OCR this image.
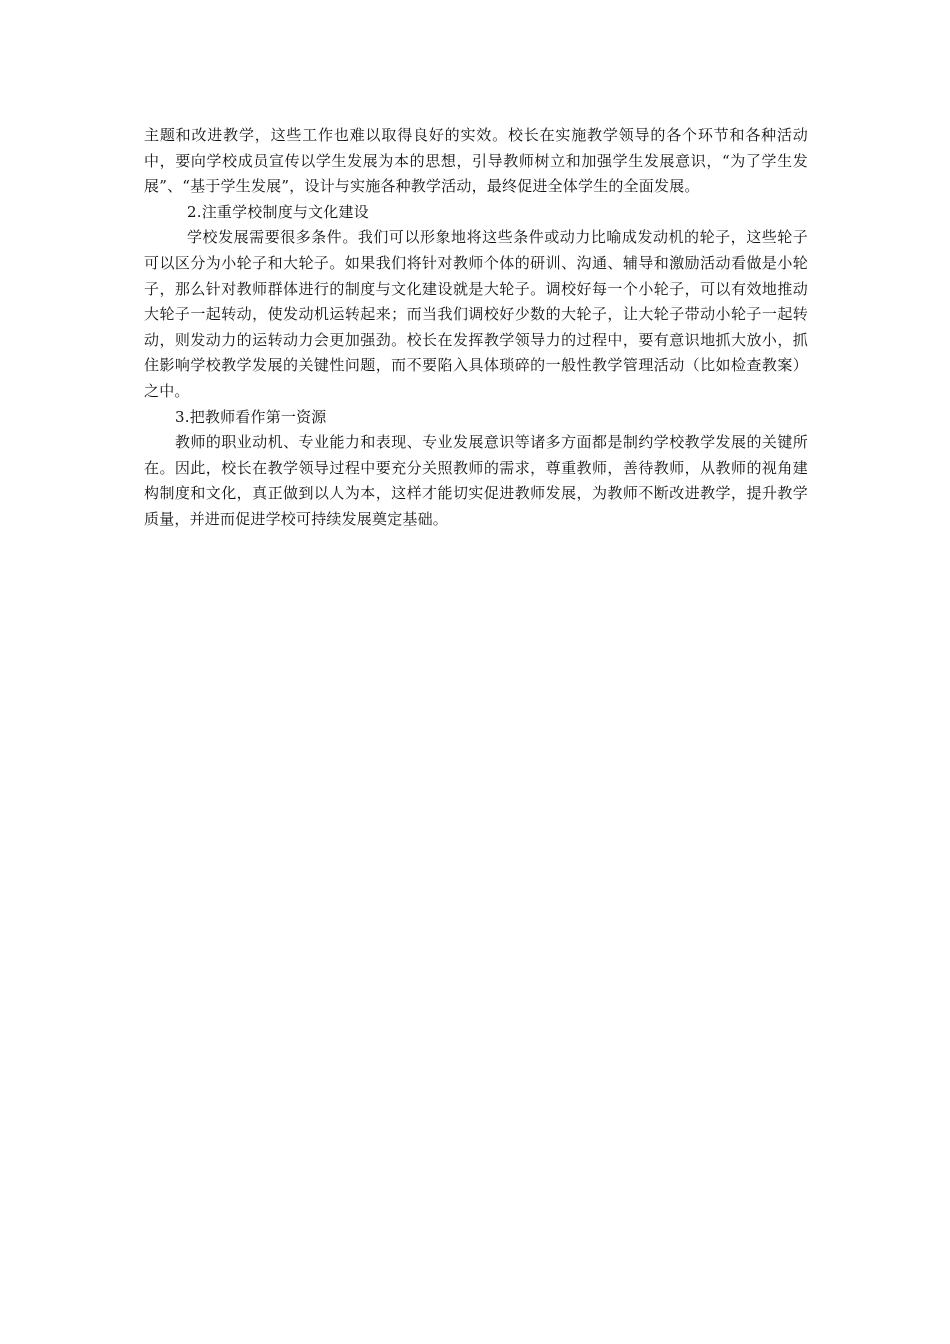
主题和改进教学，这些工作也难以取得良好的实效。校长在实施教学领导的各个环节和各种活动中，要向学校成员宣传以学生发展为本的思想，引导教师树立和加强学生发展意识，“为了学生发展”、“基于学生发展”，设计与实施各种教学活动，最终促进全体学生的全面发展。

2.注重学校制度与文化建设

学校发展需要很多条件。我们可以形象地将这些条件或动力比喻成发动机的轮子，这些轮子可以区分为小轮子和大轮子。如果我们将针对教师个体的研训、沟通、辅导和激励活动看做是小轮子，那么针对教师群体进行的制度与文化建设就是大轮子。调校好每一个小轮子，可以有效地推动大轮子一起转动，使发动机运转起来；而当我们调校好少数的大轮子，让大轮子带动小轮子一起转动，则发动力的运转动力会更加强劲。校长在发挥教学领导力的过程中，要有意识地抓大放小，抓住影响学校教学发展的关键性问题，而不要陷入具体琐碎的一般性教学管理活动（比如检查教案）之中。

3.把教师看作第一资源

教师的职业动机、专业能力和表现、专业发展意识等诸多方面都是制约学校教学发展的关键所在。因此，校长在教学领导过程中要充分关照教师的需求，尊重教师，善待教师，从教师的视角建构制度和文化，真正做到以人为本，这样才能切实促进教师发展，为教师不断改进教学，提升教学质量，并进而促进学校可持续发展奠定基础。
